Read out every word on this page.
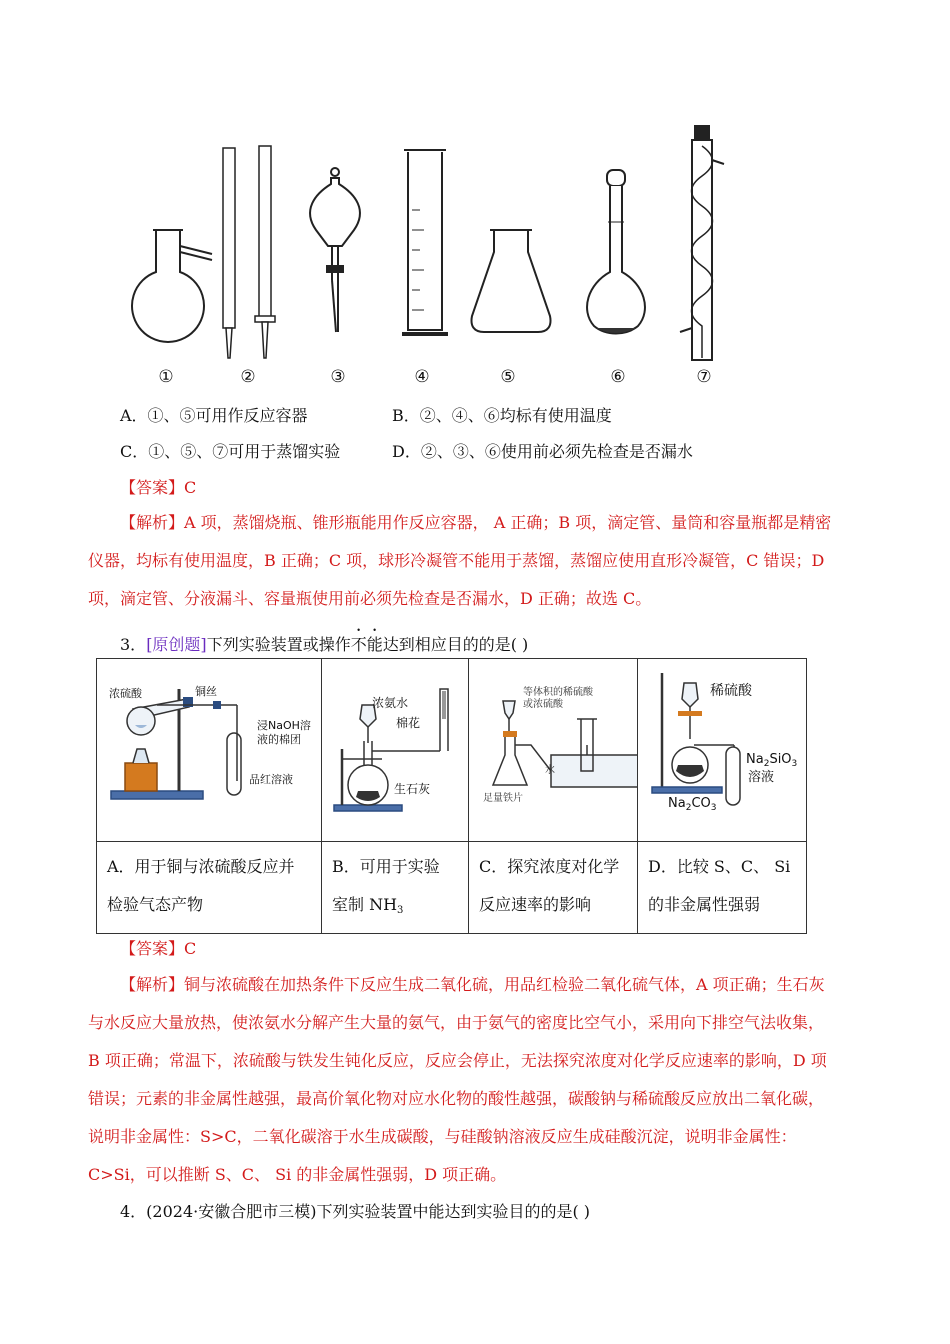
①	②	③	④	⑤	⑥	⑦
A．①、⑤可用作反应容器	B．②、④、⑥均标有使用温度
C．①、⑤、⑦可用于蒸馏实验	D．②、③、⑥使用前必须先检查是否漏水
【答案】C
【解析】A 项，蒸馏烧瓶、锥形瓶能用作反应容器， A 正确；B 项，滴定管、量筒和容量瓶都是精密
仪器，均标有使用温度，B 正确；C 项，球形冷凝管不能用于蒸馏，蒸馏应使用直形冷凝管，C 错误；D
项，滴定管、分液漏斗、容量瓶使用前必须先检查是否漏水，D 正确；故选 C。
3．[原创题]下列实验装置或操作不能达到相应目的的是( )
浓硫酸 铜丝
浸NaOH溶
液的棉团
品红溶液	浓氨水
棉花
生石灰	等体积的稀硫酸
或浓硫酸
水
足量铁片	稀硫酸
$Na_2SiO_3$
溶液
$Na_2CO_3$

A．用于铜与浓硫酸反应并
检验气态产物	B．可用于实验
室制 $NH_3$	C．探究浓度对化学
反应速率的影响	D．比较 S、C、 Si
的非金属性强弱
【答案】C
【解析】铜与浓硫酸在加热条件下反应生成二氧化硫，用品红检验二氧化硫气体，A 项正确；生石灰
与水反应大量放热，使浓氨水分解产生大量的氨气，由于氨气的密度比空气小，采用向下排空气法收集，
B 项正确；常温下，浓硫酸与铁发生钝化反应，反应会停止，无法探究浓度对化学反应速率的影响，D 项
错误；元素的非金属性越强，最高价氧化物对应水化物的酸性越强，碳酸钠与稀硫酸反应放出二氧化碳，
说明非金属性：S>C，二氧化碳溶于水生成碳酸，与硅酸钠溶液反应生成硅酸沉淀，说明非金属性：
C>Si，可以推断 S、C、 Si 的非金属性强弱，D 项正确。
4．(2024·安徽合肥市三模)下列实验装置中能达到实验目的的是( )
